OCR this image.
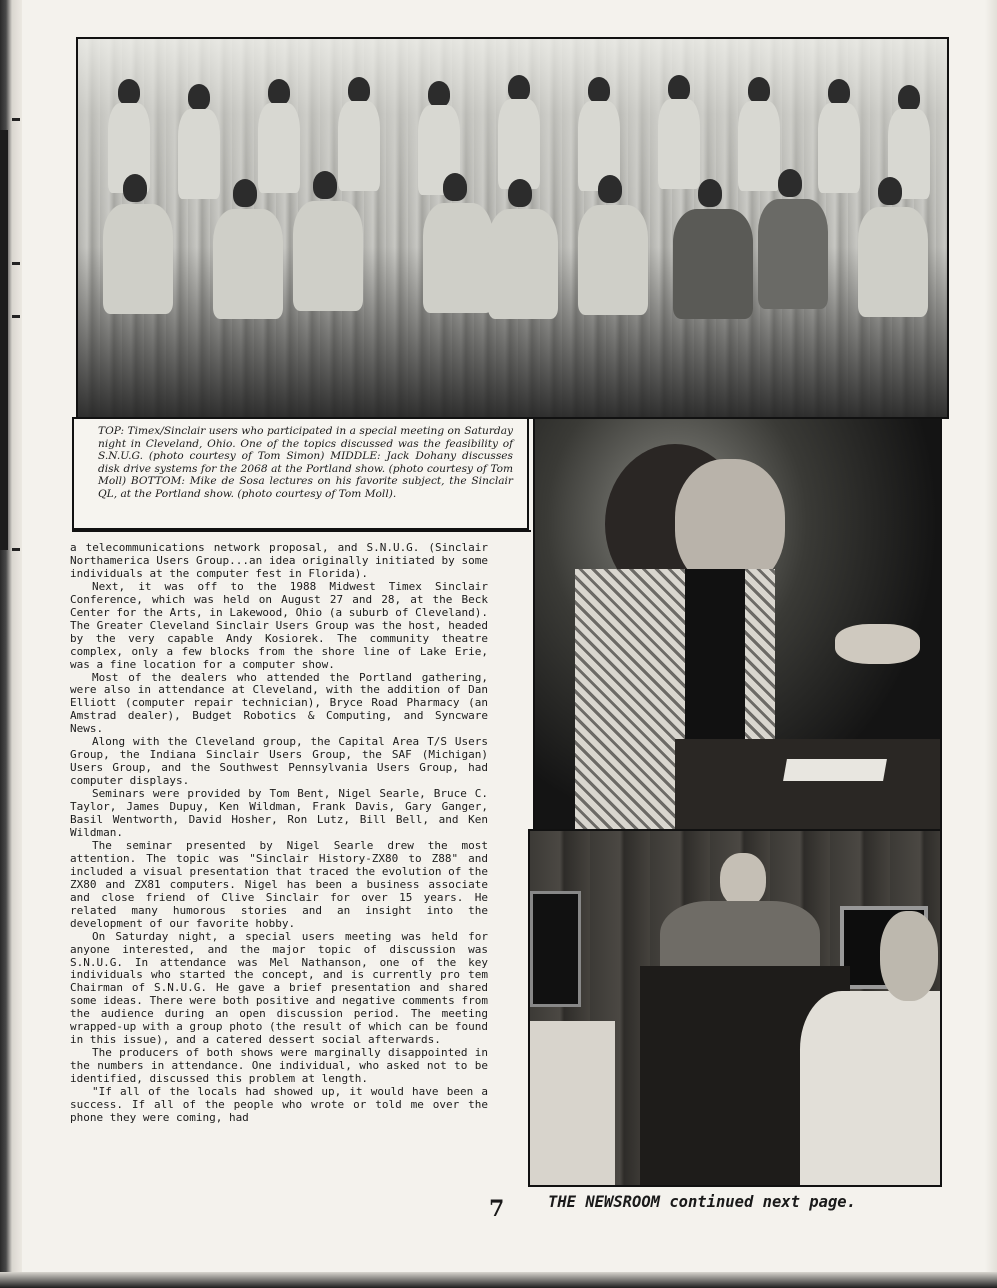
TOP: Timex/Sinclair users who participated in a special meeting on Saturday night in Cleveland, Ohio. One of the topics discussed was the feasibility of S.N.U.G. (photo courtesy of Tom Simon) MIDDLE: Jack Dohany discusses disk drive systems for the 2068 at the Portland show. (photo courtesy of Tom Moll) BOTTOM: Mike de Sosa lectures on his favorite subject, the Sinclair QL, at the Portland show. (photo courtesy of Tom Moll).

a telecommunications network proposal, and S.N.U.G. (Sinclair Northamerica Users Group...an idea originally initiated by some individuals at the computer fest in Florida).

Next, it was off to the 1988 Midwest Timex Sinclair Conference, which was held on August 27 and 28, at the Beck Center for the Arts, in Lakewood, Ohio (a suburb of Cleveland). The Greater Cleveland Sinclair Users Group was the host, headed by the very capable Andy Kosiorek. The community theatre complex, only a few blocks from the shore line of Lake Erie, was a fine location for a computer show.

Most of the dealers who attended the Portland gathering, were also in attendance at Cleveland, with the addition of Dan Elliott (computer repair technician), Bryce Road Pharmacy (an Amstrad dealer), Budget Robotics & Computing, and Syncware News.

Along with the Cleveland group, the Capital Area T/S Users Group, the Indiana Sinclair Users Group, the SAF (Michigan) Users Group, and the Southwest Pennsylvania Users Group, had computer displays.

Seminars were provided by Tom Bent, Nigel Searle, Bruce C. Taylor, James Dupuy, Ken Wildman, Frank Davis, Gary Ganger, Basil Wentworth, David Hosher, Ron Lutz, Bill Bell, and Ken Wildman.

The seminar presented by Nigel Searle drew the most attention. The topic was "Sinclair History-ZX80 to Z88" and included a visual presentation that traced the evolution of the ZX80 and ZX81 computers. Nigel has been a business associate and close friend of Clive Sinclair for over 15 years. He related many humorous stories and an insight into the development of our favorite hobby.

On Saturday night, a special users meeting was held for anyone interested, and the major topic of discussion was S.N.U.G. In attendance was Mel Nathanson, one of the key individuals who started the concept, and is currently pro tem Chairman of S.N.U.G. He gave a brief presentation and shared some ideas. There were both positive and negative comments from the audience during an open discussion period. The meeting wrapped-up with a group photo (the result of which can be found in this issue), and a catered dessert social afterwards.

The producers of both shows were marginally disappointed in the numbers in attendance. One individual, who asked not to be identified, discussed this problem at length.

"If all of the locals had showed up, it would have been a success. If all of the people who wrote or told me over the phone they were coming, had

7	THE NEWSROOM continued next page.
